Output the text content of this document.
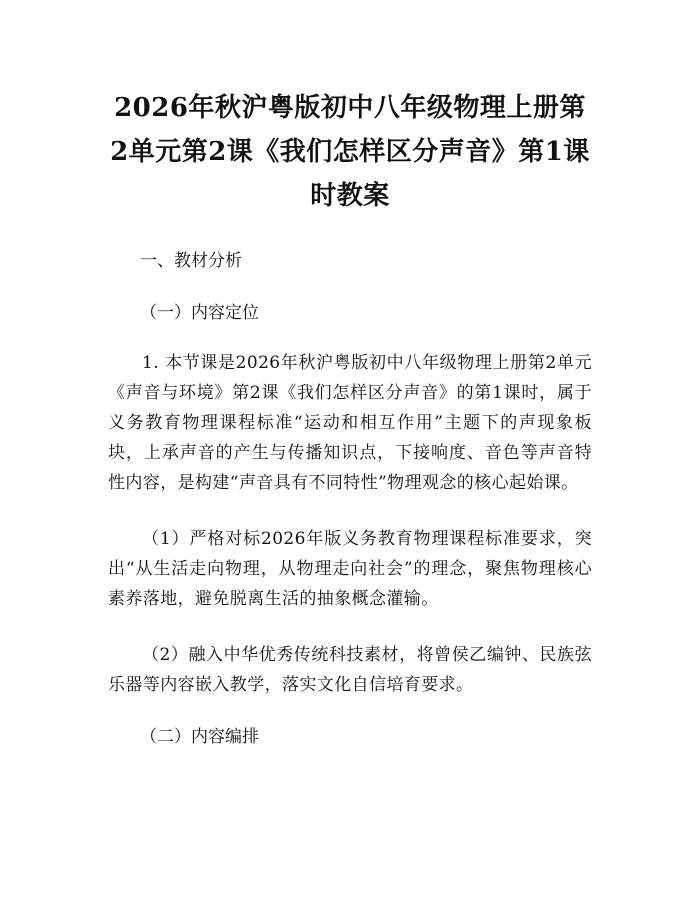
2026年秋沪粤版初中八年级物理上册第2单元第2课《我们怎样区分声音》第1课时教案
一、教材分析
（一）内容定位

1. 本节课是2026年秋沪粤版初中八年级物理上册第2单元《声音与环境》第2课《我们怎样区分声音》的第1课时，属于义务教育物理课程标准“运动和相互作用”主题下的声现象板块，上承声音的产生与传播知识点，下接响度、音色等声音特性内容，是构建“声音具有不同特性”物理观念的核心起始课。

（1）严格对标2026年版义务教育物理课程标准要求，突出“从生活走向物理，从物理走向社会”的理念，聚焦物理核心素养落地，避免脱离生活的抽象概念灌输。

（2）融入中华优秀传统科技素材，将曾侯乙编钟、民族弦乐器等内容嵌入教学，落实文化自信培育要求。

（二）内容编排
